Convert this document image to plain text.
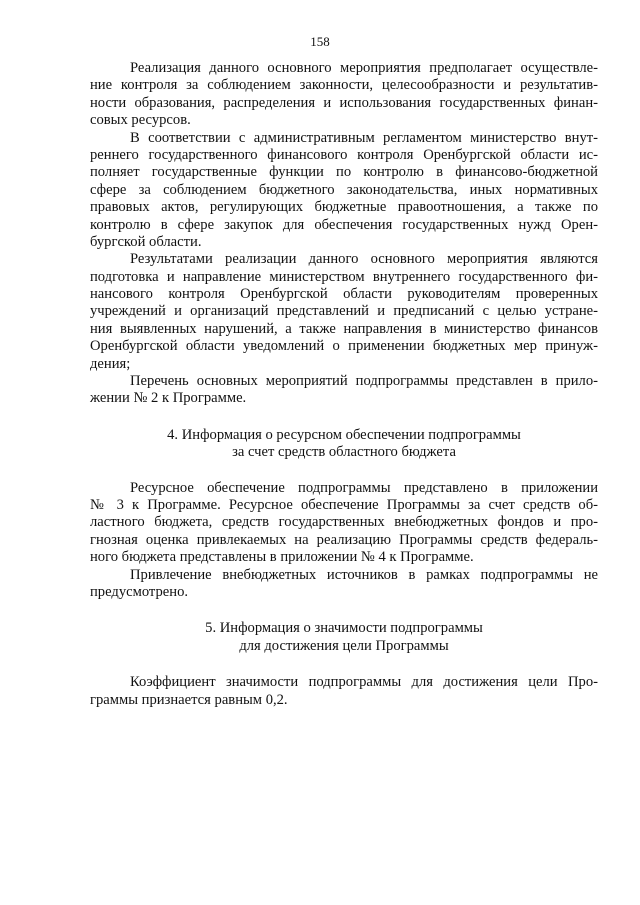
158
Реализация данного основного мероприятия предполагает осуществле-
ние контроля за соблюдением законности, целесообразности и результатив-
ности образования, распределения и использования государственных финан-
совых ресурсов.
В соответствии с административным регламентом министерство внут-
реннего государственного финансового контроля Оренбургской области ис-
полняет государственные функции по контролю в финансово-бюджетной
сфере за соблюдением бюджетного законодательства, иных нормативных
правовых актов, регулирующих бюджетные правоотношения, а также по
контролю в сфере закупок для обеспечения государственных нужд Орен-
бургской области.
Результатами реализации данного основного мероприятия являются
подготовка и направление министерством внутреннего государственного фи-
нансового контроля Оренбургской области руководителям проверенных
учреждений и организаций представлений и предписаний с целью устране-
ния выявленных нарушений, а также направления в министерство финансов
Оренбургской области уведомлений о применении бюджетных мер принуж-
дения;
Перечень основных мероприятий подпрограммы представлен в прило-
жении № 2 к Программе.
4. Информация о ресурсном обеспечении подпрограммы
за счет средств областного бюджета
Ресурсное обеспечение подпрограммы представлено в приложении
№ 3 к Программе. Ресурсное обеспечение Программы за счет средств об-
ластного бюджета, средств государственных внебюджетных фондов и про-
гнозная оценка привлекаемых на реализацию Программы средств федераль-
ного бюджета представлены в приложении № 4 к Программе.
Привлечение внебюджетных источников в рамках подпрограммы не
предусмотрено.
5. Информация о значимости подпрограммы
для достижения цели Программы
Коэффициент значимости подпрограммы для достижения цели Про-
граммы признается равным 0,2.
